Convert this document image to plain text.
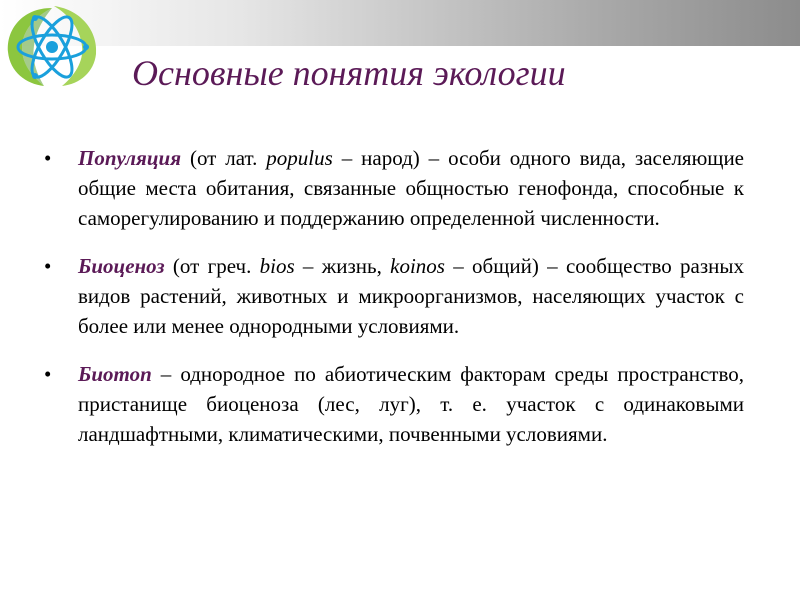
Основные понятия экологии
• Популяция (от лат. populus – народ) – особи одного вида, заселяющие общие места обитания, связанные общностью генофонда, способные к саморегулированию и поддержанию определенной численности.
• Биоценоз (от греч. bios – жизнь, koinos – общий) – сообщество разных видов растений, животных и микроорганизмов, населяющих участок с более или менее однородными условиями.
• Биотоп – однородное по абиотическим факторам среды пространство, пристанище биоценоза (лес, луг), т. е. участок с одинаковыми ландшафтными, климатическими, почвенными условиями.
